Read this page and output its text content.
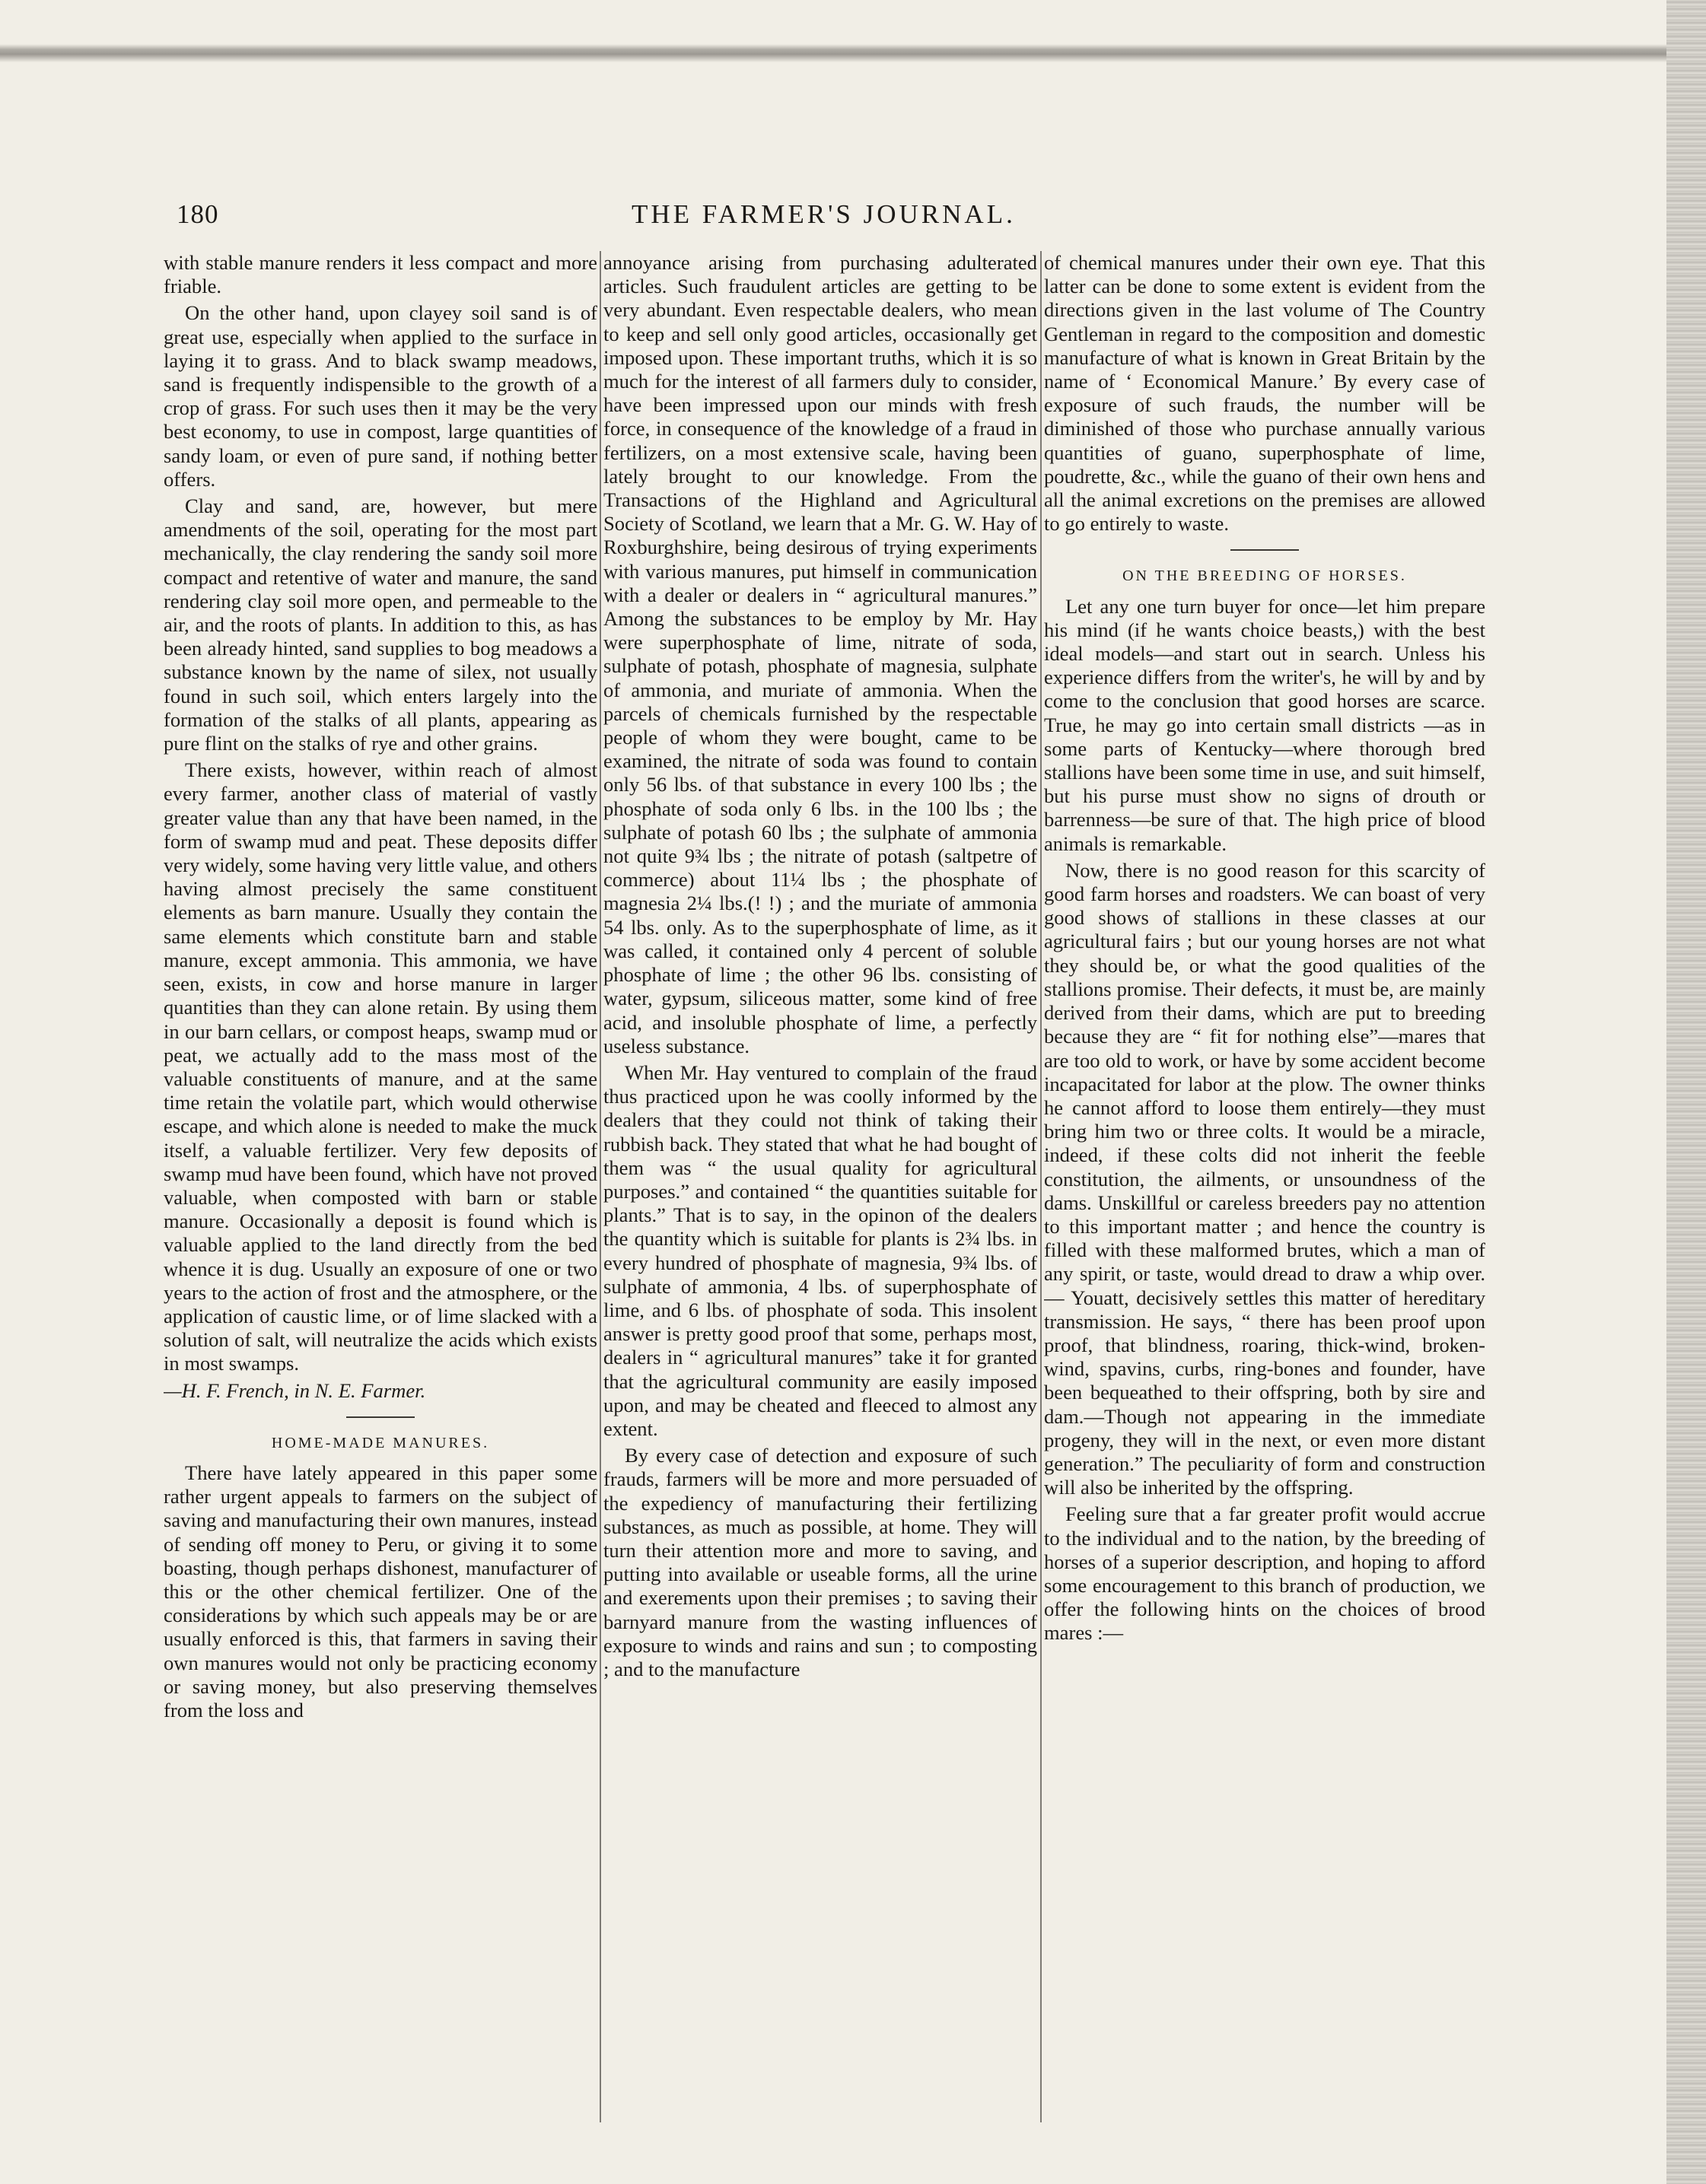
180	THE FARMER'S JOURNAL.

with stable manure renders it less compact and more friable.

On the other hand, upon clayey soil sand is of great use, especially when applied to the surface in laying it to grass. And to black swamp meadows, sand is frequently indispensible to the growth of a crop of grass. For such uses then it may be the very best economy, to use in compost, large quantities of sandy loam, or even of pure sand, if nothing better offers.

Clay and sand, are, however, but mere amendments of the soil, operating for the most part mechanically, the clay rendering the sandy soil more compact and retentive of water and manure, the sand rendering clay soil more open, and permeable to the air, and the roots of plants. In addition to this, as has been already hinted, sand supplies to bog meadows a substance known by the name of silex, not usually found in such soil, which enters largely into the formation of the stalks of all plants, appearing as pure flint on the stalks of rye and other grains.

There exists, however, within reach of almost every farmer, another class of material of vastly greater value than any that have been named, in the form of swamp mud and peat. These deposits differ very widely, some having very little value, and others having almost precisely the same constituent elements as barn manure. Usually they contain the same elements which constitute barn and stable manure, except ammonia. This ammonia, we have seen, exists, in cow and horse manure in larger quantities than they can alone retain. By using them in our barn cellars, or compost heaps, swamp mud or peat, we actually add to the mass most of the valuable constituents of manure, and at the same time retain the volatile part, which would otherwise escape, and which alone is needed to make the muck itself, a valuable fertilizer. Very few deposits of swamp mud have been found, which have not proved valuable, when composted with barn or stable manure. Occasionally a deposit is found which is valuable applied to the land directly from the bed whence it is dug. Usually an exposure of one or two years to the action of frost and the atmosphere, or the application of caustic lime, or of lime slacked with a solution of salt, will neutralize the acids which exists in most swamps.

—H. F. French, in N. E. Farmer.

HOME-MADE MANURES.

There have lately appeared in this paper some rather urgent appeals to farmers on the subject of saving and manufacturing their own manures, instead of sending off money to Peru, or giving it to some boasting, though perhaps dishonest, manufacturer of this or the other chemical fertilizer. One of the considerations by which such appeals may be or are usually enforced is this, that farmers in saving their own manures would not only be practicing economy or saving money, but also preserving themselves from the loss and

annoyance arising from purchasing adulterated articles. Such fraudulent articles are getting to be very abundant. Even respectable dealers, who mean to keep and sell only good articles, occasionally get imposed upon. These important truths, which it is so much for the interest of all farmers duly to consider, have been impressed upon our minds with fresh force, in consequence of the knowledge of a fraud in fertilizers, on a most extensive scale, having been lately brought to our knowledge. From the Transactions of the Highland and Agricultural Society of Scotland, we learn that a Mr. G. W. Hay of Roxburghshire, being desirous of trying experiments with various manures, put himself in communication with a dealer or dealers in “ agricultural manures.” Among the substances to be employ by Mr. Hay were superphosphate of lime, nitrate of soda, sulphate of potash, phosphate of magnesia, sulphate of ammonia, and muriate of ammonia. When the parcels of chemicals furnished by the respectable people of whom they were bought, came to be examined, the nitrate of soda was found to contain only 56 lbs. of that substance in every 100 lbs ; the phosphate of soda only 6 lbs. in the 100 lbs ; the sulphate of potash 60 lbs ; the sulphate of ammonia not quite 9¾ lbs ; the nitrate of potash (saltpetre of commerce) about 11¼ lbs ; the phosphate of magnesia 2¼ lbs.(! !) ; and the muriate of ammonia 54 lbs. only. As to the superphosphate of lime, as it was called, it contained only 4 percent of soluble phosphate of lime ; the other 96 lbs. consisting of water, gypsum, siliceous matter, some kind of free acid, and insoluble phosphate of lime, a perfectly useless substance.

When Mr. Hay ventured to complain of the fraud thus practiced upon he was coolly informed by the dealers that they could not think of taking their rubbish back. They stated that what he had bought of them was “ the usual quality for agricultural purposes.” and contained “ the quantities suitable for plants.” That is to say, in the opinon of the dealers the quantity which is suitable for plants is 2¾ lbs. in every hundred of phosphate of magnesia, 9¾ lbs. of sulphate of ammonia, 4 lbs. of superphosphate of lime, and 6 lbs. of phosphate of soda. This insolent answer is pretty good proof that some, perhaps most, dealers in “ agricultural manures” take it for granted that the agricultural community are easily imposed upon, and may be cheated and fleeced to almost any extent.

By every case of detection and exposure of such frauds, farmers will be more and more persuaded of the expediency of manufacturing their fertilizing substances, as much as possible, at home. They will turn their attention more and more to saving, and putting into available or useable forms, all the urine and exerements upon their premises ; to saving their barnyard manure from the wasting influences of exposure to winds and rains and sun ; to composting ; and to the manufacture

of chemical manures under their own eye. That this latter can be done to some extent is evident from the directions given in the last volume of The Country Gentleman in regard to the composition and domestic manufacture of what is known in Great Britain by the name of ‘ Economical Manure.’ By every case of exposure of such frauds, the number will be diminished of those who purchase annually various quantities of guano, superphosphate of lime, poudrette, &c., while the guano of their own hens and all the animal excretions on the premises are allowed to go entirely to waste.

ON THE BREEDING OF HORSES.

Let any one turn buyer for once—let him prepare his mind (if he wants choice beasts,) with the best ideal models—and start out in search. Unless his experience differs from the writer's, he will by and by come to the conclusion that good horses are scarce. True, he may go into certain small districts —as in some parts of Kentucky—where thorough bred stallions have been some time in use, and suit himself, but his purse must show no signs of drouth or barrenness—be sure of that. The high price of blood animals is remarkable.

Now, there is no good reason for this scarcity of good farm horses and roadsters. We can boast of very good shows of stallions in these classes at our agricultural fairs ; but our young horses are not what they should be, or what the good qualities of the stallions promise. Their defects, it must be, are mainly derived from their dams, which are put to breeding because they are “ fit for nothing else”—mares that are too old to work, or have by some accident become incapacitated for labor at the plow. The owner thinks he cannot afford to loose them entirely—they must bring him two or three colts. It would be a miracle, indeed, if these colts did not inherit the feeble constitution, the ailments, or unsoundness of the dams. Unskillful or careless breeders pay no attention to this important matter ; and hence the country is filled with these malformed brutes, which a man of any spirit, or taste, would dread to draw a whip over.— Youatt, decisively settles this matter of hereditary transmission. He says, “ there has been proof upon proof, that blindness, roaring, thick-wind, broken-wind, spavins, curbs, ring-bones and founder, have been bequeathed to their offspring, both by sire and dam.—Though not appearing in the immediate progeny, they will in the next, or even more distant generation.” The peculiarity of form and construction will also be inherited by the offspring.

Feeling sure that a far greater profit would accrue to the individual and to the nation, by the breeding of horses of a superior description, and hoping to afford some encouragement to this branch of production, we offer the following hints on the choices of brood mares :—
